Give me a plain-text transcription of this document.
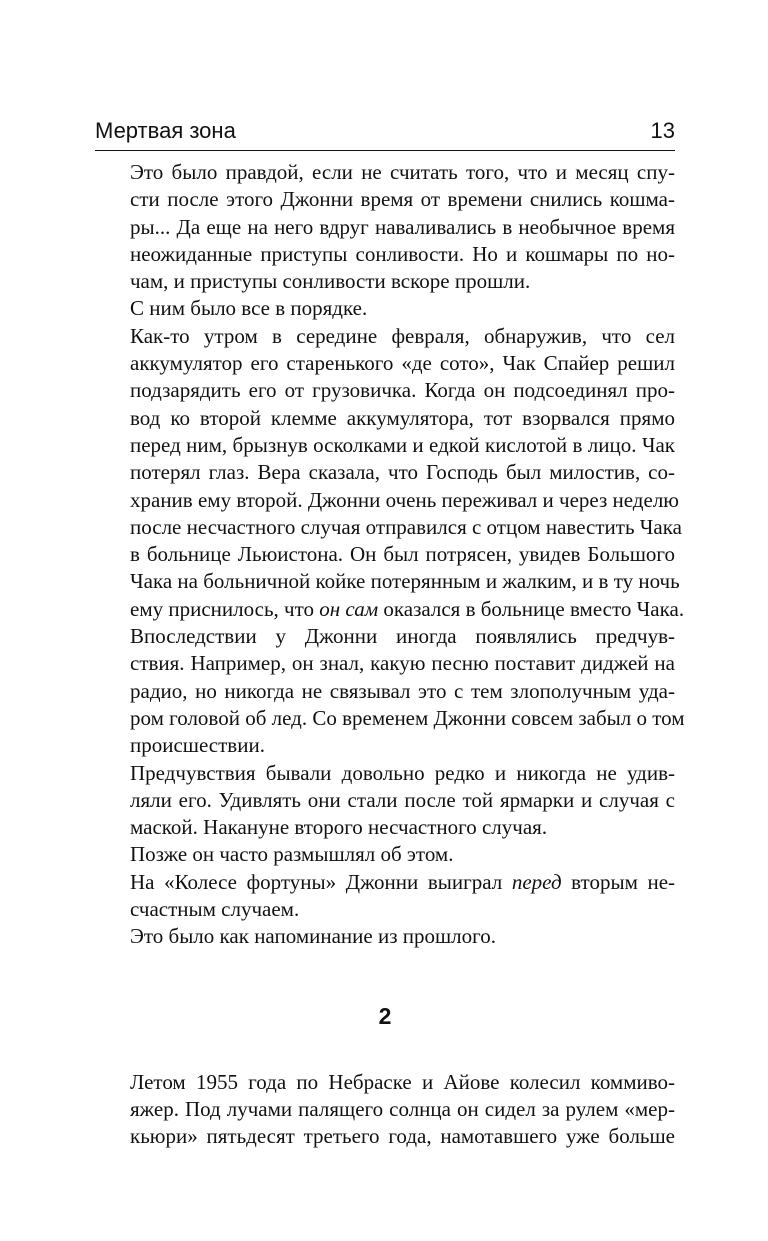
Мертвая зона	13

Это было правдой, если не считать того, что и месяц спу-
сти после этого Джонни время от времени снились кошма-
ры... Да еще на него вдруг наваливались в необычное время
неожиданные приступы сонливости. Но и кошмары по но-
чам, и приступы сонливости вскоре прошли.

С ним было все в порядке.

Как-то утром в середине февраля, обнаружив, что сел
аккумулятор его старенького «де сото», Чак Спайер решил
подзарядить его от грузовичка. Когда он подсоединял про-
вод ко второй клемме аккумулятора, тот взорвался прямо
перед ним, брызнув осколками и едкой кислотой в лицо. Чак
потерял глаз. Вера сказала, что Господь был милостив, со-
хранив ему второй. Джонни очень переживал и через неделю
после несчастного случая отправился с отцом навестить Чака
в больнице Льюистона. Он был потрясен, увидев Большого
Чака на больничной койке потерянным и жалким, и в ту ночь
ему приснилось, что он сам оказался в больнице вместо Чака.

Впоследствии у Джонни иногда появлялись предчув-
ствия. Например, он знал, какую песню поставит диджей на
радио, но никогда не связывал это с тем злополучным уда-
ром головой об лед. Со временем Джонни совсем забыл о том
происшествии.

Предчувствия бывали довольно редко и никогда не удив-
ляли его. Удивлять они стали после той ярмарки и случая с
маской. Накануне второго несчастного случая.

Позже он часто размышлял об этом.

На «Колесе фортуны» Джонни выиграл перед вторым не-
счастным случаем.

Это было как напоминание из прошлого.

2

Летом 1955 года по Небраске и Айове колесил коммиво-
яжер. Под лучами палящего солнца он сидел за рулем «мер-
кьюри» пятьдесят третьего года, намотавшего уже больше
